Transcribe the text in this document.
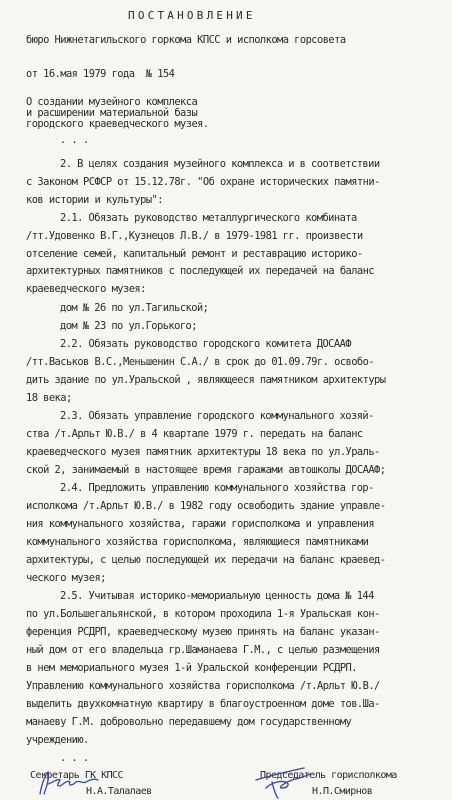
ПОСТАНОВЛЕНИЕ
бюро Нижнетагильского горкома КПСС и исполкома горсовета
от 16.мая 1979 года  № 154
О создании музейного комплекса
и расширении материальной базы
городского краеведческого музея.
. . .
2. В целях создания музейного комплекса и в соответствии
с Законом РСФСР от 15.12.78г. "Об охране исторических памятни-
ков истории и культуры":
2.1. Обязать руководство металлургического комбината
/тт.Удовенко В.Г.,Кузнецов Л.В./ в 1979-1981 гг. произвести
отселение семей, капитальный ремонт и реставрацию историко-
архитектурных памятников с последующей их передачей на баланс
краеведческого музея:
дом № 26 по ул.Тагильской;
дом № 23 по ул.Горького;
2.2. Обязать руководство городского комитета ДОСААФ
/тт.Васьков В.С.,Меньшенин С.А./ в срок до 01.09.79г. освобо-
дить здание по ул.Уральской , являющееся памятником архитектуры
18 века;
2.3. Обязать управление городского коммунального хозяй-
ства /т.Арльт Ю.В./ в 4 квартале 1979 г. передать на баланс
краеведческого музея памятник архитектуры 18 века по ул.Ураль-
ской 2, занимаемый в настоящее время гаражами автошколы ДОСААФ;
2.4. Предложить управлению коммунального хозяйства гор-
исполкома /т.Арльт Ю.В./ в 1982 году освободить здание управле-
ния коммунального хозяйства, гаражи горисполкома и управления
коммунального хозяйства горисполкома, являющиеся памятниками
архитектуры, с целью последующей их передачи на баланс краевед-
ческого музея;
2.5. Учитывая историко-мемориальную ценность дома № 144
по ул.Большегальянской, в котором проходила 1-я Уральская кон-
ференция РСДРП, краеведческому музею принять на баланс указан-
ный дом от его владельца гр.Шаманаева Г.М., с целью размещения
в нем мемориального музея 1-й Уральской конференции РСДРП.
Управлению коммунального хозяйства горисполкома /т.Арльт Ю.В./
выделить двухкомнатную квартиру в благоустроенном доме тов.Ша-
манаеву Г.М. добровольно передавшему дом государственному
учреждению.
. . .
Секретарь ГК КПСС	Председатель горисполкома
Н.А.Талалаев	Н.П.Смирнов
